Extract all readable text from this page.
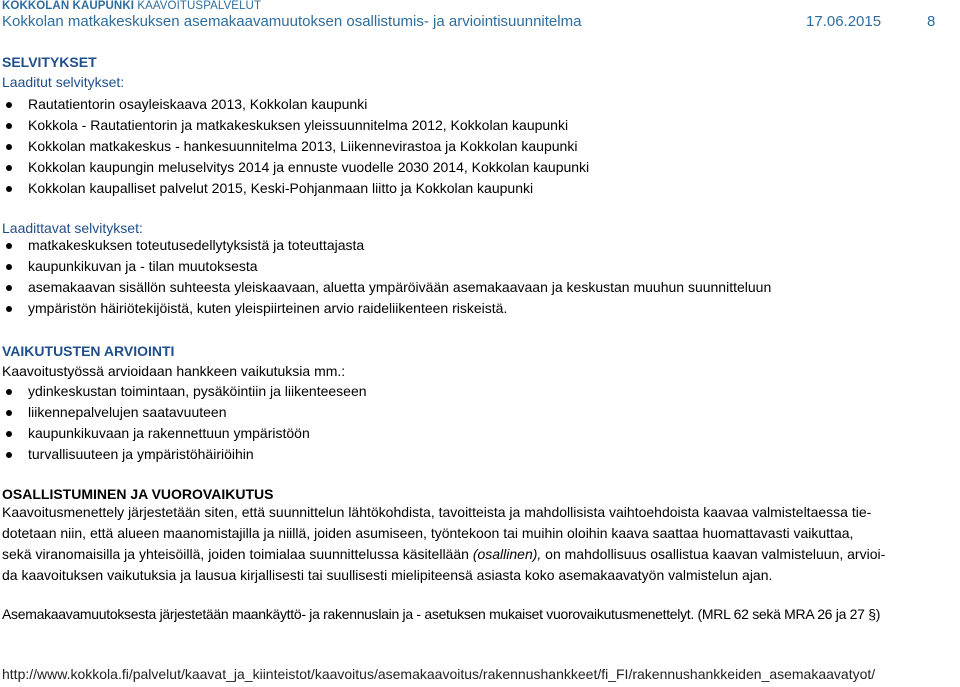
KOKKOLAN KAUPUNKI KAAVOITUSPALVELUT
Kokkolan matkakeskuksen asemakaavamuutoksen osallistumis- ja arviointisuunnitelma	17.06.2015	8
SELVITYKSET
Laaditut selvitykset:
Rautatientorin osayleiskaava 2013, Kokkolan kaupunki
Kokkola - Rautatientorin ja matkakeskuksen yleissuunnitelma 2012, Kokkolan kaupunki
Kokkolan matkakeskus - hankesuunnitelma 2013, Liikennevirastoa ja Kokkolan kaupunki
Kokkolan kaupungin meluselvitys 2014 ja ennuste vuodelle 2030 2014, Kokkolan kaupunki
Kokkolan kaupalliset palvelut 2015, Keski-Pohjanmaan liitto ja Kokkolan kaupunki
Laadittavat selvitykset:
matkakeskuksen toteutusedellytyksistä ja toteuttajasta
kaupunkikuvan ja - tilan muutoksesta
asemakaavan sisällön suhteesta yleiskaavaan, aluetta ympäröivään asemakaavaan ja keskustan muuhun suunnitteluun
ympäristön häiriötekijöistä, kuten yleispiirteinen arvio raideliikenteen riskeistä.
VAIKUTUSTEN ARVIOINTI
Kaavoitustyössä arvioidaan hankkeen vaikutuksia mm.:
ydinkeskustan toimintaan, pysäköintiin ja liikenteeseen
liikennepalvelujen saatavuuteen
kaupunkikuvaan ja rakennettuun ympäristöön
turvallisuuteen ja ympäristöhäiriöihin
OSALLISTUMINEN JA VUOROVAIKUTUS

Kaavoitusmenettely järjestetään siten, että suunnittelun lähtökohdista, tavoitteista ja mahdollisista vaihtoehdoista kaavaa valmisteltaessa tie-

dotetaan niin, että alueen maanomistajilla ja niillä, joiden asumiseen, työntekoon tai muihin oloihin kaava saattaa huomattavasti vaikuttaa,

sekä viranomaisilla ja yhteisöillä, joiden toimialaa suunnittelussa käsitellään (osallinen), on mahdollisuus osallistua kaavan valmisteluun, arvioi-

da kaavoituksen vaikutuksia ja lausua kirjallisesti tai suullisesti mielipiteensä asiasta koko asemakaavatyön valmistelun ajan.

Asemakaavamuutoksesta järjestetään maankäyttö- ja rakennuslain ja - asetuksen mukaiset vuorovaikutusmenettelyt. (MRL 62 sekä MRA 26 ja 27 §)
http://www.kokkola.fi/palvelut/kaavat_ja_kiinteistot/kaavoitus/asemakaavoitus/rakennushankkeet/fi_FI/rakennushankkeiden_asemakaavatyot/
